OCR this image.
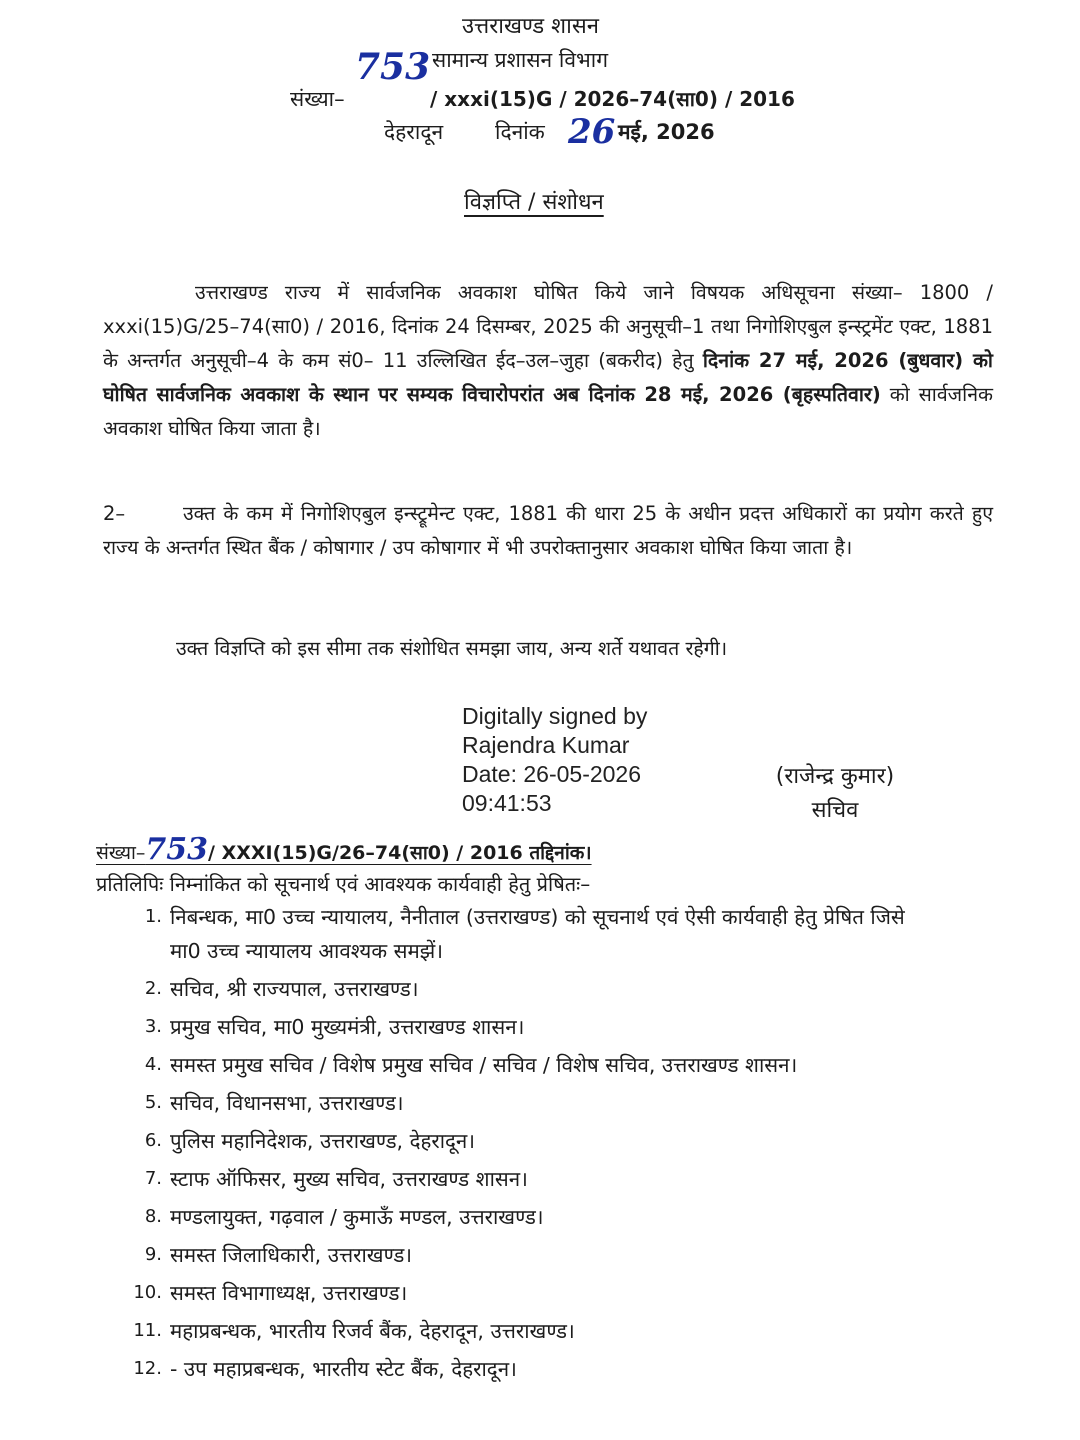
उत्तराखण्ड शासन
753 सामान्य प्रशासन विभाग
संख्या–	/ xxxi(15)G / 2026–74(सा0) / 2016
देहरादून दिनांक 26 मई, 2026
विज्ञप्ति / संशोधन

उत्तराखण्ड राज्य में सार्वजनिक अवकाश घोषित किये जाने विषयक अधिसूचना संख्या– 1800 / xxxi(15)G/25–74(सा0) / 2016, दिनांक 24 दिसम्बर, 2025 की अनुसूची–1 तथा निगोशिएबुल इन्स्ट्रमेंट एक्ट, 1881 के अन्तर्गत अनुसूची–4 के कम सं0– 11 उल्लिखित ईद–उल–जुहा (बकरीद) हेतु दिनांक 27 मई, 2026 (बुधवार) को घोषित सार्वजनिक अवकाश के स्थान पर सम्यक विचारोपरांत अब दिनांक 28 मई, 2026 (बृहस्पतिवार) को सार्वजनिक अवकाश घोषित किया जाता है।

2–	उक्त के कम में निगोशिएबुल इन्स्ट्रूमेन्ट एक्ट, 1881 की धारा 25 के अधीन प्रदत्त अधिकारों का प्रयोग करते हुए राज्य के अन्तर्गत स्थित बैंक / कोषागार / उप कोषागार में भी उपरोक्तानुसार अवकाश घोषित किया जाता है।

उक्त विज्ञप्ति को इस सीमा तक संशोधित समझा जाय, अन्य शर्ते यथावत रहेगी।
Digitally signed by
Rajendra Kumar
Date: 26-05-2026
09:41:53
(राजेन्द्र कुमार)
सचिव
संख्या–753/ XXXI(15)G/26–74(सा0) / 2016 तद्दिनांक।
प्रतिलिपिः निम्नांकित को सूचनार्थ एवं आवश्यक कार्यवाही हेतु प्रेषितः–
1. निबन्धक, मा0 उच्च न्यायालय, नैनीताल (उत्तराखण्ड) को सूचनार्थ एवं ऐसी कार्यवाही हेतु प्रेषित जिसे मा0 उच्च न्यायालय आवश्यक समझें।
2. सचिव, श्री राज्यपाल, उत्तराखण्ड।
3. प्रमुख सचिव, मा0 मुख्यमंत्री, उत्तराखण्ड शासन।
4. समस्त प्रमुख सचिव / विशेष प्रमुख सचिव / सचिव / विशेष सचिव, उत्तराखण्ड शासन।
5. सचिव, विधानसभा, उत्तराखण्ड।
6. पुलिस महानिदेशक, उत्तराखण्ड, देहरादून।
7. स्टाफ ऑफिसर, मुख्य सचिव, उत्तराखण्ड शासन।
8. मण्डलायुक्त, गढ़वाल / कुमाऊँ मण्डल, उत्तराखण्ड।
9. समस्त जिलाधिकारी, उत्तराखण्ड।
10. समस्त विभागाध्यक्ष, उत्तराखण्ड।
11. महाप्रबन्धक, भारतीय रिजर्व बैंक, देहरादून, उत्तराखण्ड।
12. - उप महाप्रबन्धक, भारतीय स्टेट बैंक, देहरादून।
